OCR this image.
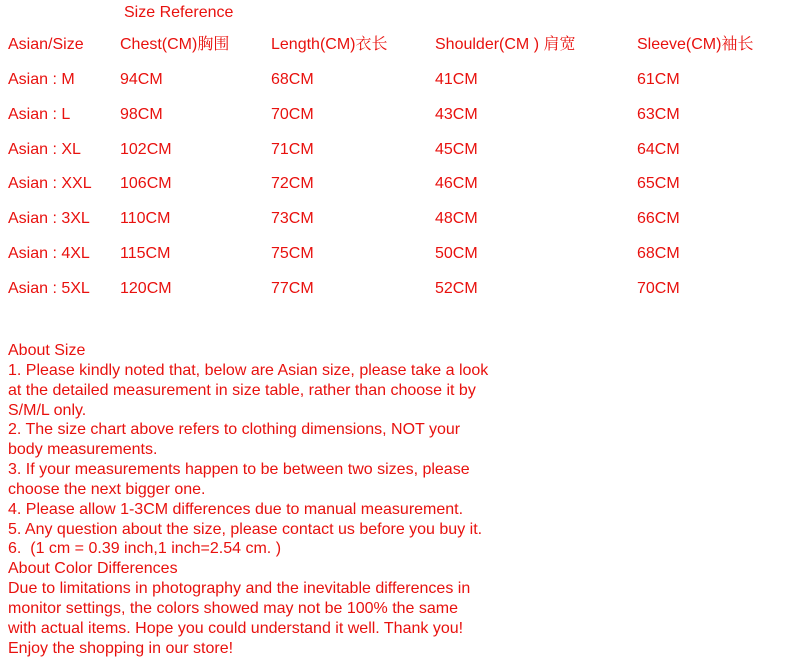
Size Reference
Asian/Size Chest(CM)胸围	Length(CM)衣长	Shoulder(CM ) 肩宽	Sleeve(CM)袖长
Asian : M	94CM	68CM	41CM	61CM
Asian : L	98CM	70CM	43CM	63CM
Asian : XL 102CM	71CM	45CM	64CM
Asian : XXL 106CM	72CM	46CM	65CM
Asian : 3XL 110CM	73CM	48CM	66CM
Asian : 4XL 115CM	75CM	50CM	68CM
Asian : 5XL 120CM	77CM	52CM	70CM
About Size
1. Please kindly noted that, below are Asian size, please take a look
at the detailed measurement in size table, rather than choose it by
S/M/L only.
2. The size chart above refers to clothing dimensions, NOT your
body measurements.
3. If your measurements happen to be between two sizes, please
choose the next bigger one.
4. Please allow 1-3CM differences due to manual measurement.
5. Any question about the size, please contact us before you buy it.
6.  (1 cm = 0.39 inch,1 inch=2.54 cm. )
About Color Differences
Due to limitations in photography and the inevitable differences in
monitor settings, the colors showed may not be 100% the same
with actual items. Hope you could understand it well. Thank you!
Enjoy the shopping in our store!
